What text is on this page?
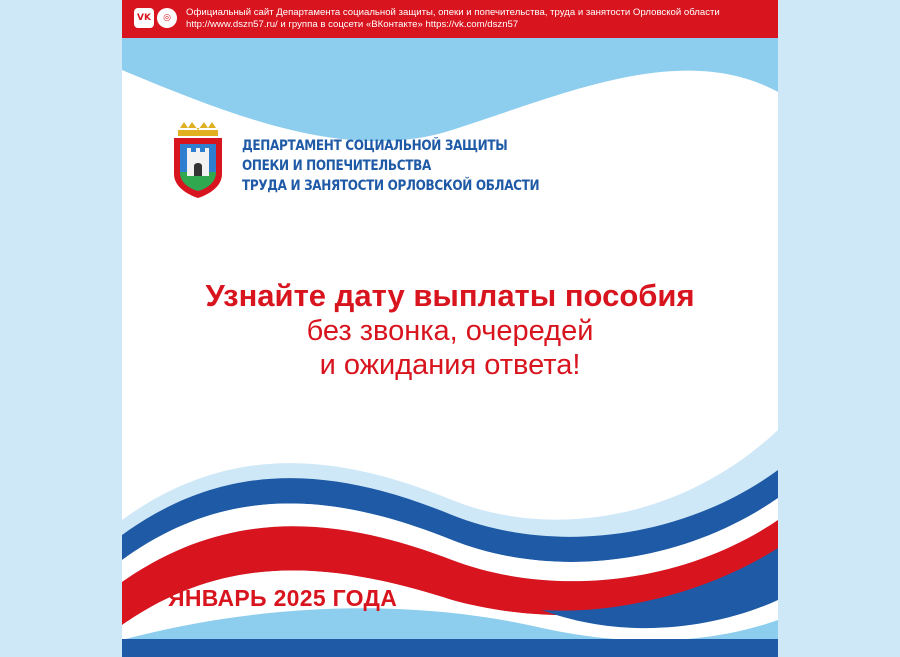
VK	◎	Официальный сайт Департамента социальной защиты, опеки и попечительства, труда и занятости Орловской области
http://www.dszn57.ru/ и группа в соцсети «ВКонтакте» https://vk.com/dszn57
ДЕПАРТАМЕНТ СОЦИАЛЬНОЙ ЗАЩИТЫ
ОПЕКИ И ПОПЕЧИТЕЛЬСТВА
ТРУДА И ЗАНЯТОСТИ ОРЛОВСКОЙ ОБЛАСТИ
Узнайте дату выплаты пособия
без звонка, очередей
и ожидания ответа!
ЯНВАРЬ 2025 ГОДА
